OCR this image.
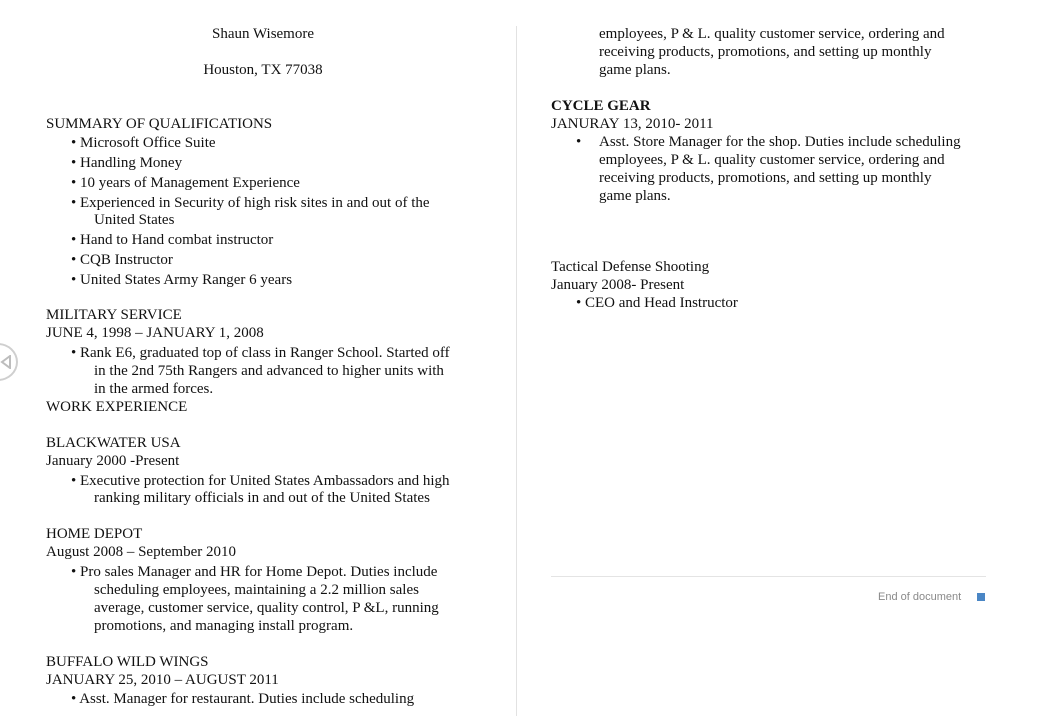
Shaun Wisemore
Houston, TX 77038
SUMMARY OF QUALIFICATIONS
• Microsoft Office Suite
• Handling Money
• 10 years of Management Experience
• Experienced in Security of high risk sites in and out of the
United States
• Hand to Hand combat instructor
• CQB Instructor
• United States Army Ranger 6 years
MILITARY SERVICE
JUNE 4, 1998 – JANUARY 1, 2008
• Rank E6, graduated top of class in Ranger School. Started off
in the 2nd 75th Rangers and advanced to higher units with
in the armed forces.
WORK EXPERIENCE
BLACKWATER USA
January 2000 -Present
• Executive protection for United States Ambassadors and high
ranking military officials in and out of the United States
HOME DEPOT
August 2008 – September 2010
• Pro sales Manager and HR for Home Depot. Duties include
scheduling employees, maintaining a 2.2 million sales
average, customer service, quality control, P &L, running
promotions, and managing install program.
BUFFALO WILD WINGS
JANUARY 25, 2010 – AUGUST 2011
• Asst. Manager for restaurant. Duties include scheduling
employees, P & L. quality customer service, ordering and
receiving products, promotions, and setting up monthly
game plans.
CYCLE GEAR
JANURAY 13, 2010- 2011
• Asst. Store Manager for the shop. Duties include scheduling
employees, P & L. quality customer service, ordering and
receiving products, promotions, and setting up monthly
game plans.
Tactical Defense Shooting
January 2008- Present
• CEO and Head Instructor
End of document
